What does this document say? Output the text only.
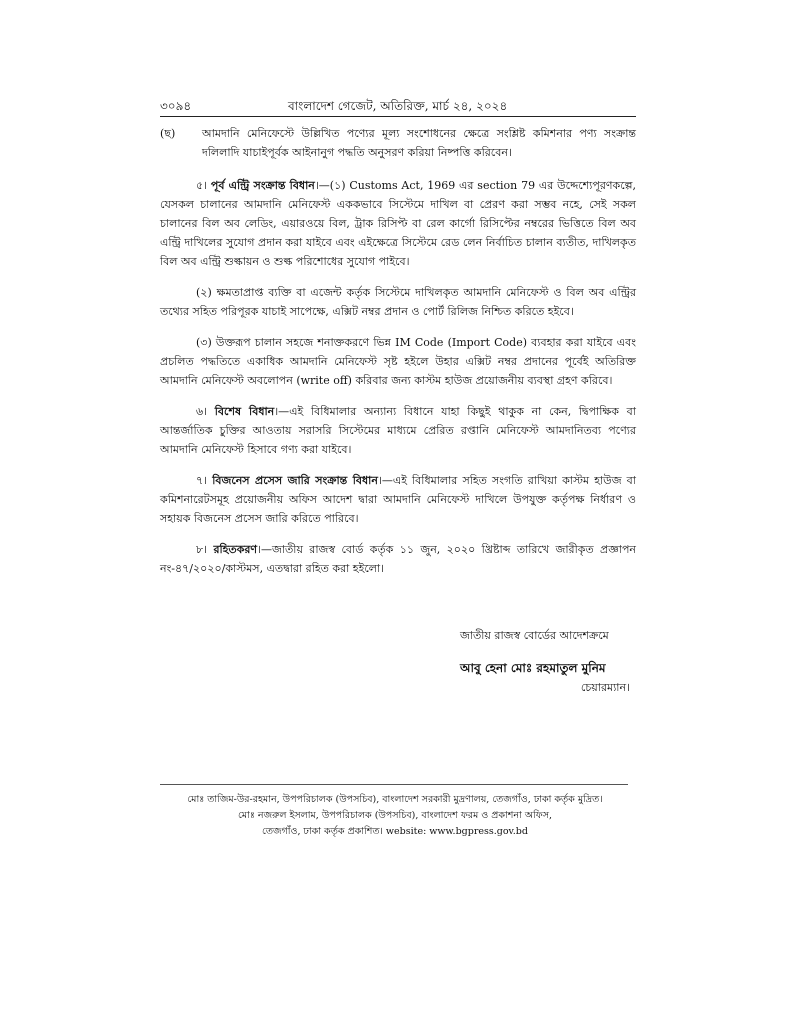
৩০৯৪	বাংলাদেশ গেজেট, অতিরিক্ত, মার্চ ২৪, ২০২৪

(ছ)	আমদানি মেনিফেস্টে উল্লিখিত পণ্যের মূল্য সংশোধনের ক্ষেত্রে সংশ্লিষ্ট কমিশনার পণ্য সংক্রান্ত দলিলাদি যাচাইপূর্বক আইনানুগ পদ্ধতি অনুসরণ করিয়া নিষ্পত্তি করিবেন।

৫। পূর্ব এন্ট্রি সংক্রান্ত বিধান।—(১) Customs Act, 1969 এর section 79 এর উদ্দেশ্যেপূরণকল্পে, যেসকল চালানের আমদানি মেনিফেস্ট এককভাবে সিস্টেমে দাখিল বা প্রেরণ করা সম্ভব নহে, সেই সকল চালানের বিল অব লেডিং, এয়ারওয়ে বিল, ট্রাক রিসিপ্ট বা রেল কার্গো রিসিপ্টের নম্বরের ভিত্তিতে বিল অব এন্ট্রি দাখিলের সুযোগ প্রদান করা যাইবে এবং এইক্ষেত্রে সিস্টেমে রেড লেন নির্বাচিত চালান ব্যতীত, দাখিলকৃত বিল অব এন্ট্রি শুল্কায়ন ও শুল্ক পরিশোধের সুযোগ পাইবে।

(২) ক্ষমতাপ্রাপ্ত ব্যক্তি বা এজেন্ট কর্তৃক সিস্টেমে দাখিলকৃত আমদানি মেনিফেস্ট ও বিল অব এন্ট্রির তথ্যের সহিত পরিপূরক যাচাই সাপেক্ষে, এক্সিট নম্বর প্রদান ও পোর্ট রিলিজ নিশ্চিত করিতে হইবে।

(৩) উক্তরূপ চালান সহজে শনাক্তকরণে ভিন্ন IM Code (Import Code) ব্যবহার করা যাইবে এবং প্রচলিত পদ্ধতিতে একাধিক আমদানি মেনিফেস্ট সৃষ্ট হইলে উহার এক্সিট নম্বর প্রদানের পূর্বেই অতিরিক্ত আমদানি মেনিফেস্ট অবলোপন (write off) করিবার জন্য কাস্টম হাউজ প্রয়োজনীয় ব্যবস্থা গ্রহণ করিবে।

৬। বিশেষ বিধান।—এই বিধিমালার অন্যান্য বিধানে যাহা কিছুই থাকুক না কেন, দ্বিপাক্ষিক বা আন্তর্জাতিক চুক্তির আওতায় সরাসরি সিস্টেমের মাধ্যমে প্রেরিত রপ্তানি মেনিফেস্ট আমদানিতব্য পণ্যের আমদানি মেনিফেস্ট হিসাবে গণ্য করা যাইবে।

৭। বিজনেস প্রসেস জারি সংক্রান্ত বিধান।—এই বিধিমালার সহিত সংগতি রাখিয়া কাস্টম হাউজ বা কমিশনারেটসমূহ প্রয়োজনীয় অফিস আদেশ দ্বারা আমদানি মেনিফেস্ট দাখিলে উপযুক্ত কর্তৃপক্ষ নির্ধারণ ও সহায়ক বিজনেস প্রসেস জারি করিতে পারিবে।

৮। রহিতকরণ।—জাতীয় রাজস্ব বোর্ড কর্তৃক ১১ জুন, ২০২০ খ্রিষ্টাব্দ তারিখে জারীকৃত প্রজ্ঞাপন নং-৪৭/২০২০/কাস্টমস, এতদ্বারা রহিত করা হইলো।

জাতীয় রাজস্ব বোর্ডের আদেশক্রমে
আবু হেনা মোঃ রহমাতুল মুনিম
চেয়ারম্যান।
মোঃ তাজিম-উর-রহমান, উপপরিচালক (উপসচিব), বাংলাদেশ সরকারী মুদ্রণালয়, তেজগাঁও, ঢাকা কর্তৃক মুদ্রিত।
মোঃ নজরুল ইসলাম, উপপরিচালক (উপসচিব), বাংলাদেশ ফরম ও প্রকাশনা অফিস,
তেজগাঁও, ঢাকা কর্তৃক প্রকাশিত। website: www.bgpress.gov.bd
